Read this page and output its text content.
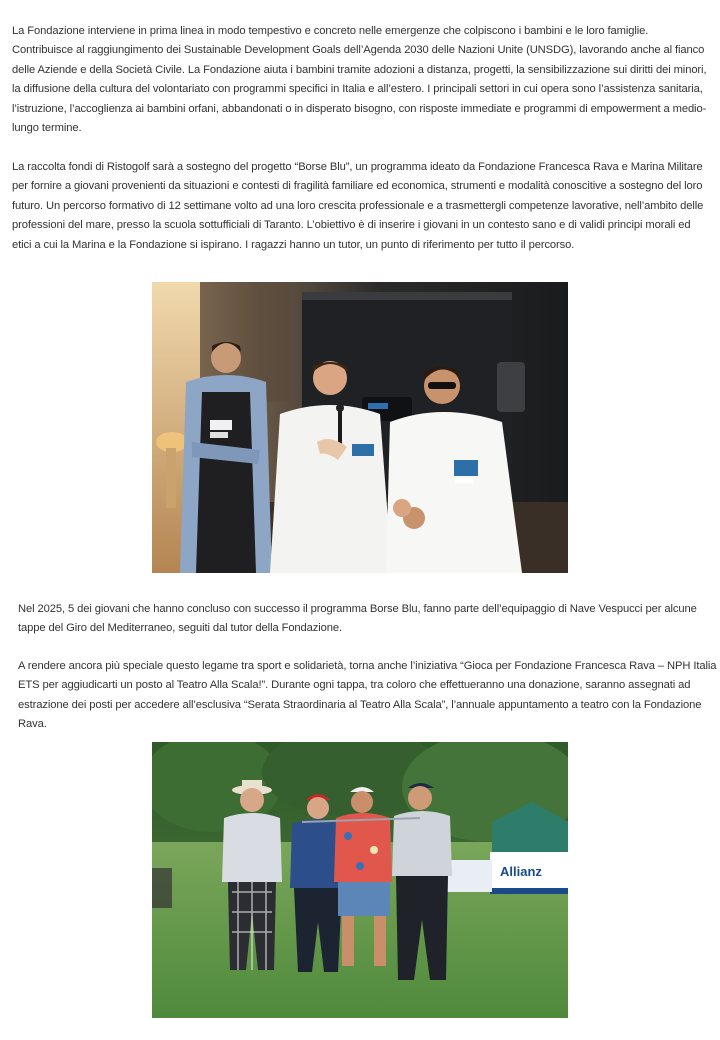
La Fondazione interviene in prima linea in modo tempestivo e concreto nelle emergenze che colpiscono i bambini e le loro famiglie. Contribuisce al raggiungimento dei Sustainable Development Goals dell’Agenda 2030 delle Nazioni Unite (UNSDG), lavorando anche al fianco delle Aziende e della Società Civile. La Fondazione aiuta i bambini tramite adozioni a distanza, progetti, la sensibilizzazione sui diritti dei minori, la diffusione della cultura del volontariato con programmi specifici in Italia e all’estero. I principali settori in cui opera sono l’assistenza sanitaria, l’istruzione, l’accoglienza ai bambini orfani, abbandonati o in disperato bisogno, con risposte immediate e programmi di empowerment a medio-lungo termine.

La raccolta fondi di Ristogolf sarà a sostegno del progetto “Borse Blu”, un programma ideato da Fondazione Francesca Rava e Marina Militare per fornire a giovani provenienti da situazioni e contesti di fragilità familiare ed economica, strumenti e modalità conoscitive a sostegno del loro futuro. Un percorso formativo di 12 settimane volto ad una loro crescita professionale e a trasmettergli competenze lavorative, nell’ambito delle professioni del mare, presso la scuola sottufficiali di Taranto. L’obiettivo è di inserire i giovani in un contesto sano e di validi principi morali ed etici a cui la Marina e la Fondazione si ispirano. I ragazzi hanno un tutor, un punto di riferimento per tutto il percorso.

Nel 2025, 5 dei giovani che hanno concluso con successo il programma Borse Blu, fanno parte dell’equipaggio di Nave Vespucci per alcune tappe del Giro del Mediterraneo, seguiti dal tutor della Fondazione.

A rendere ancora più speciale questo legame tra sport e solidarietà, torna anche l’iniziativa “Gioca per Fondazione Francesca Rava – NPH Italia ETS per aggiudicarti un posto al Teatro Alla Scala!”. Durante ogni tappa, tra coloro che effettueranno una donazione, saranno assegnati ad estrazione dei posti per accedere all’esclusiva “Serata Straordinaria al Teatro Alla Scala”, l’annuale appuntamento a teatro con la Fondazione Rava.

Allianz
